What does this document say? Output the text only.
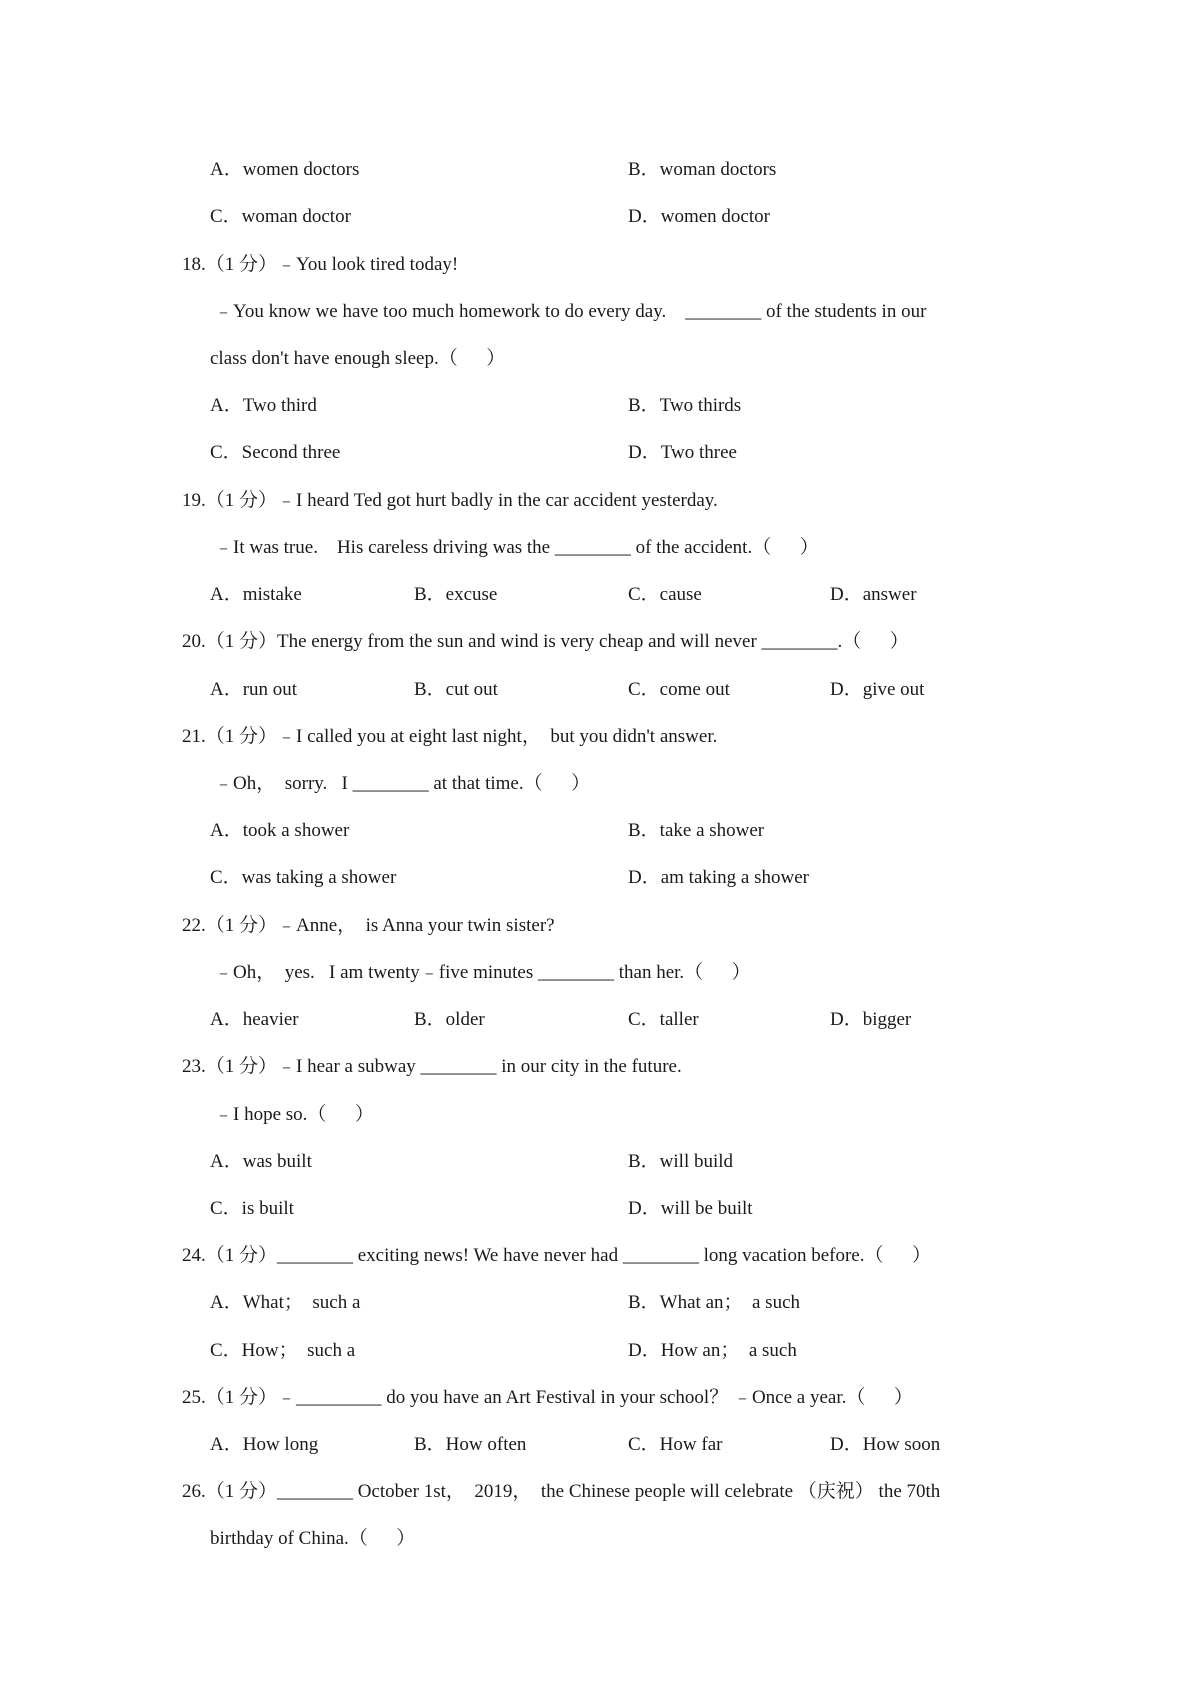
A．women doctors	B．woman doctors
C．woman doctor	D．women doctor
18.（1 分）﹣You look tired today!
﹣You know we have too much homework to do every day.    ________ of the students in our
class don't have enough sleep.（      ）
A．Two third	B．Two thirds
C．Second three	D．Two three
19.（1 分）﹣I heard Ted got hurt badly in the car accident yesterday.
﹣It was true.    His careless driving was the ________ of the accident.（      ）
A．mistake	B．excuse	C．cause	D．answer
20.（1 分）The energy from the sun and wind is very cheap and will never ________.（      ）
A．run out	B．cut out	C．come out	D．give out
21.（1 分）﹣I called you at eight last night，  but you didn't answer.
﹣Oh，  sorry.   I ________ at that time.（      ）
A．took a shower	B．take a shower
C．was taking a shower	D．am taking a shower
22.（1 分）﹣Anne，  is Anna your twin sister?
﹣Oh，  yes.   I am twenty﹣five minutes ________ than her.（      ）
A．heavier	B．older	C．taller	D．bigger
23.（1 分）﹣I hear a subway ________ in our city in the future.
﹣I hope so.（      ）
A．was built	B．will build
C．is built	D．will be built
24.（1 分）________ exciting news! We have never had ________ long vacation before.（      ）
A．What；  such a	B．What an；  a such
C．How；  such a	D．How an；  a such
25.（1 分）﹣_________ do you have an Art Festival in your school？ ﹣Once a year.（      ）
A．How long	B．How often	C．How far	D．How soon
26.（1 分）________ October 1st，  2019，  the Chinese people will celebrate （庆祝） the 70th
birthday of China.（      ）
